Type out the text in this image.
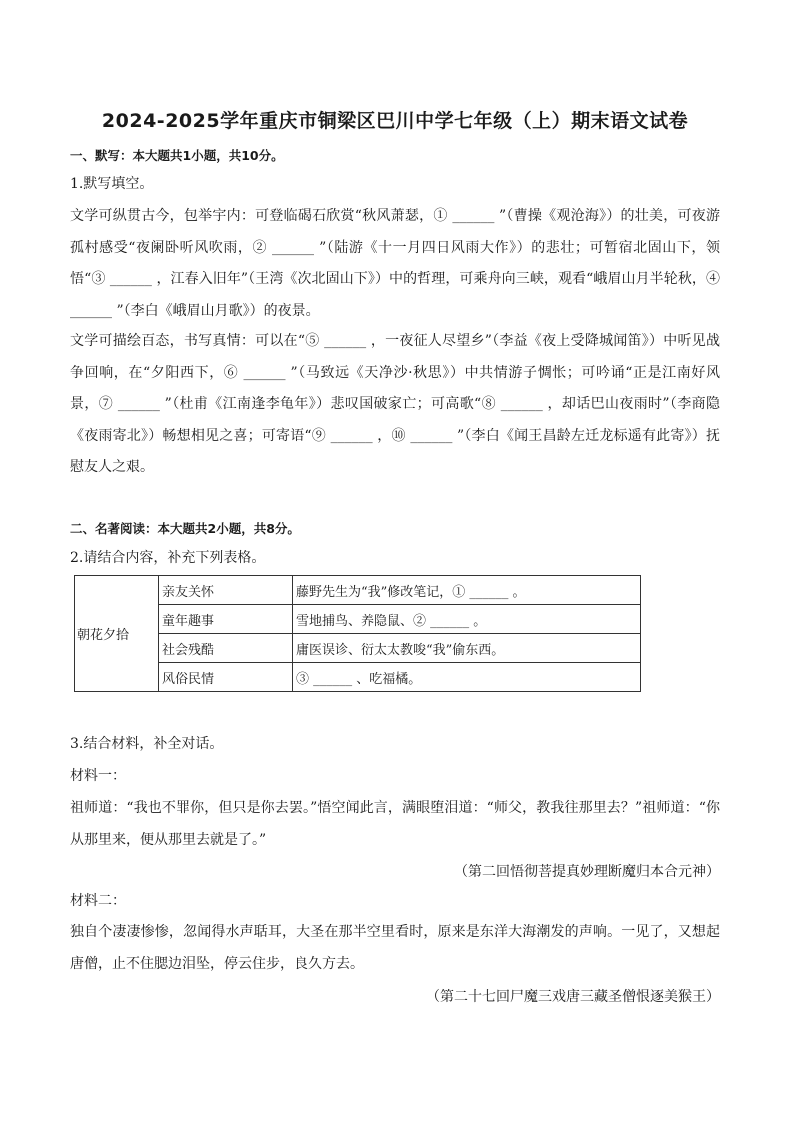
2024-2025学年重庆市铜梁区巴川中学七年级（上）期末语文试卷

一、默写：本大题共1小题，共10分。

1.默写填空。

文学可纵贯古今，包举宇内：可登临碣石欣赏“秋风萧瑟，① ______ ”（曹操《观沧海》）的壮美，可夜游孤村感受“夜阑卧听风吹雨，② ______ ”（陆游《十一月四日风雨大作》）的悲壮；可暂宿北固山下，领悟“③ ______ ，江春入旧年”（王湾《次北固山下》）中的哲理，可乘舟向三峡，观看“峨眉山月半轮秋，④ ______ ”（李白《峨眉山月歌》）的夜景。

文学可描绘百态，书写真情：可以在“⑤ ______ ，一夜征人尽望乡”（李益《夜上受降城闻笛》）中听见战争回响，在“夕阳西下，⑥ ______ ”（马致远《天净沙·秋思》）中共情游子惆怅；可吟诵“正是江南好风景，⑦ ______ ”（杜甫《江南逢李龟年》）悲叹国破家亡；可高歌“⑧ ______ ，却话巴山夜雨时”（李商隐《夜雨寄北》）畅想相见之喜；可寄语“⑨ ______ ，⑩ ______ ”（李白《闻王昌龄左迁龙标遥有此寄》）抚慰友人之艰。

二、名著阅读：本大题共2小题，共8分。

2.请结合内容，补充下列表格。

朝花夕拾	亲友关怀	藤野先生为“我”修改笔记，① ______ 。
	童年趣事	雪地捕鸟、养隐鼠、② ______ 。
	社会残酷	庸医误诊、衍太太教唆“我”偷东西。
	风俗民情	③ ______ 、吃福橘。

3.结合材料，补全对话。

材料一：

祖师道：“我也不罪你，但只是你去罢。”悟空闻此言，满眼堕泪道：“师父，教我往那里去？”祖师道：“你从那里来，便从那里去就是了。”

（第二回悟彻菩提真妙理断魔归本合元神）

材料二：

独自个凄凄惨惨，忽闻得水声聒耳，大圣在那半空里看时，原来是东洋大海潮发的声响。一见了，又想起唐僧，止不住腮边泪坠，停云住步，良久方去。

（第二十七回尸魔三戏唐三藏圣僧恨逐美猴王）
